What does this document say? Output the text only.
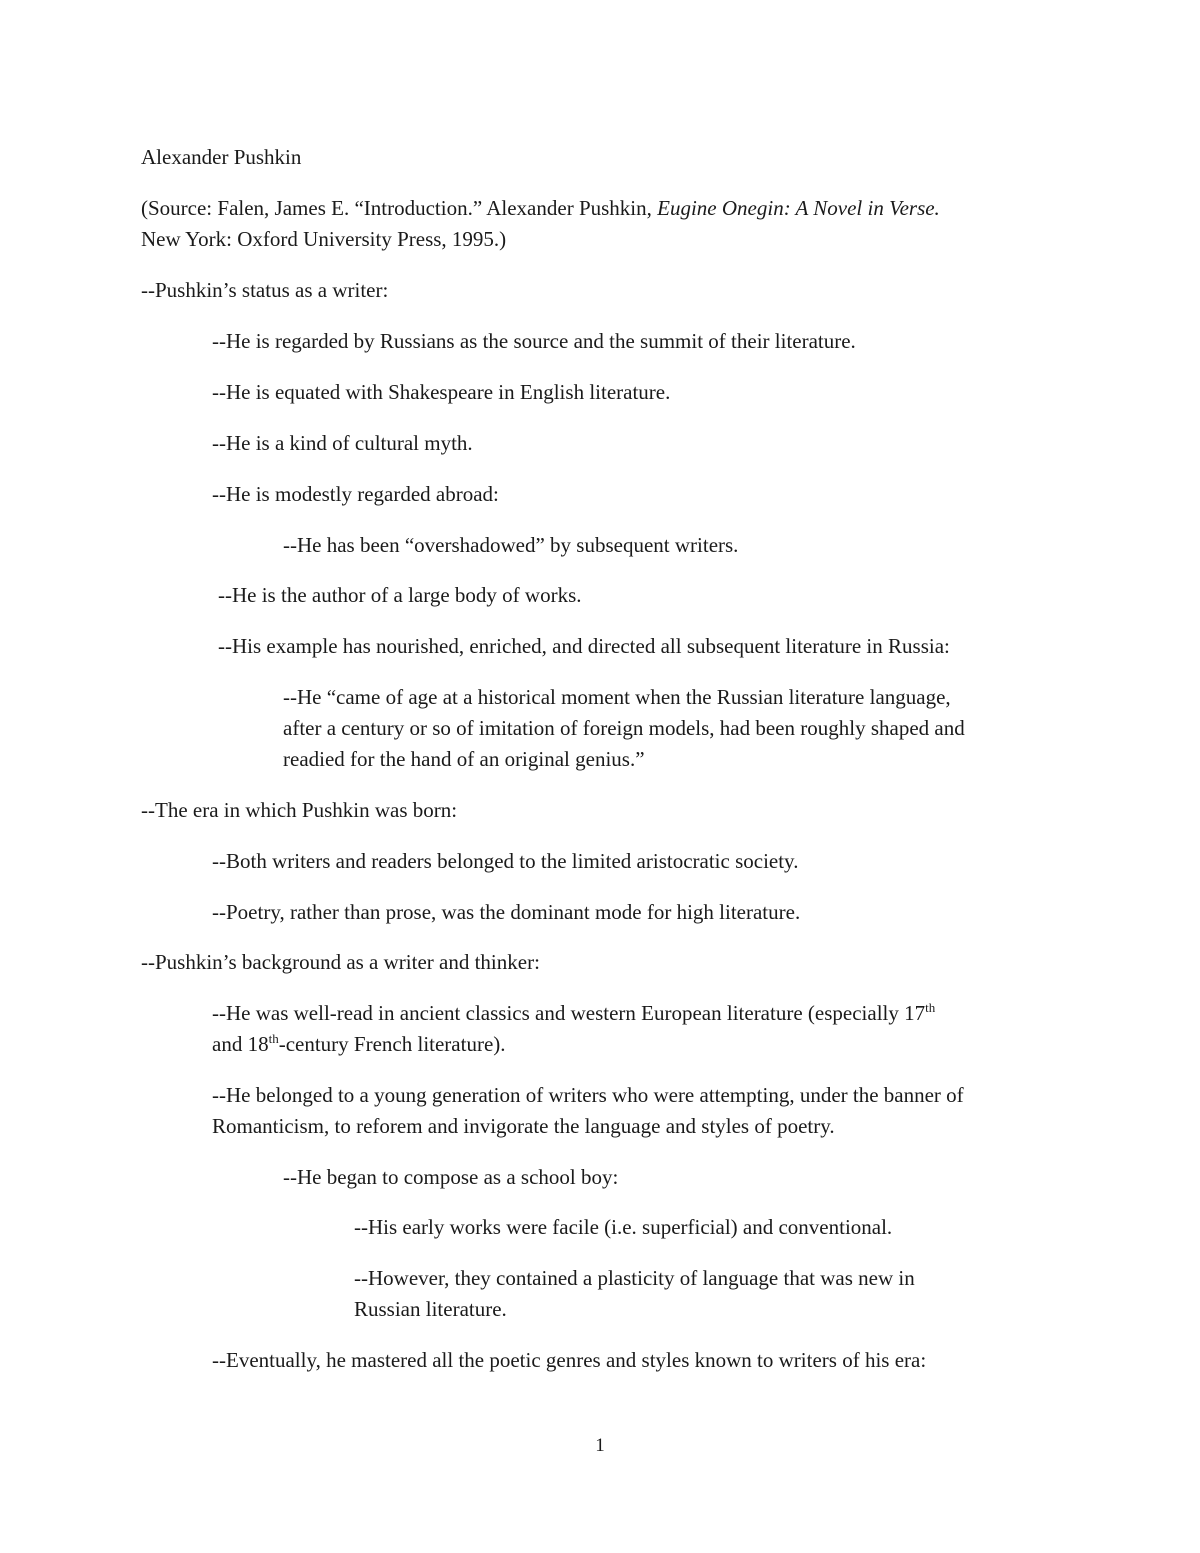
Alexander Pushkin
(Source: Falen, James E. “Introduction.” Alexander Pushkin, Eugine Onegin: A Novel in Verse.
New York: Oxford University Press, 1995.)
--Pushkin’s status as a writer:
--He is regarded by Russians as the source and the summit of their literature.
--He is equated with Shakespeare in English literature.
--He is a kind of cultural myth.
--He is modestly regarded abroad:
--He has been “overshadowed” by subsequent writers.
--He is the author of a large body of works.
--His example has nourished, enriched, and directed all subsequent literature in Russia:
--He “came of age at a historical moment when the Russian literature language,
after a century or so of imitation of foreign models, had been roughly shaped and
readied for the hand of an original genius.”
--The era in which Pushkin was born:
--Both writers and readers belonged to the limited aristocratic society.
--Poetry, rather than prose, was the dominant mode for high literature.
--Pushkin’s background as a writer and thinker:
--He was well-read in ancient classics and western European literature (especially 17th
and 18th-century French literature).
--He belonged to a young generation of writers who were attempting, under the banner of
Romanticism, to reforem and invigorate the language and styles of poetry.
--He began to compose as a school boy:
--His early works were facile (i.e. superficial) and conventional.
--However, they contained a plasticity of language that was new in
Russian literature.
--Eventually, he mastered all the poetic genres and styles known to writers of his era:
1
